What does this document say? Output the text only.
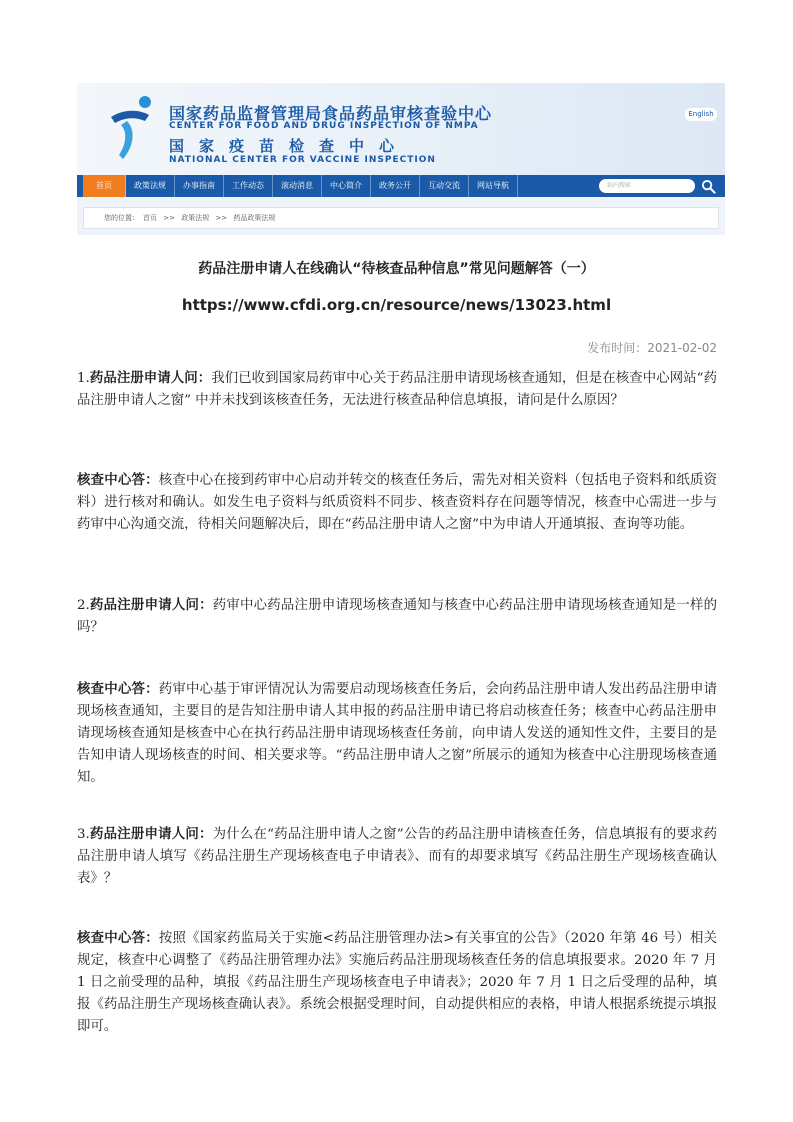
国家药品监督管理局食品药品审核查验中心
CENTER FOR FOOD AND DRUG INSPECTION OF NMPA
国家疫苗检查中心
NATIONAL CENTER FOR VACCINE INSPECTION
English
首页	政策法规	办事指南	工作动态	滚动消息	中心简介	政务公开	互动交流	网站导航	站内搜索
您的位置： 首页 >> 政策法规 >> 药品政策法规
药品注册申请人在线确认“待核查品种信息”常见问题解答（一）
https://www.cfdi.org.cn/resource/news/13023.html
发布时间：2021-02-02
1.药品注册申请人问：我们已收到国家局药审中心关于药品注册申请现场核查通知，但是在核查中心网站“药品注册申请人之窗” 中并未找到该核查任务，无法进行核查品种信息填报，请问是什么原因？
核查中心答：核查中心在接到药审中心启动并转交的核查任务后，需先对相关资料（包括电子资料和纸质资料）进行核对和确认。如发生电子资料与纸质资料不同步、核查资料存在问题等情况，核查中心需进一步与药审中心沟通交流，待相关问题解决后，即在“药品注册申请人之窗”中为申请人开通填报、查询等功能。
2.药品注册申请人问：药审中心药品注册申请现场核查通知与核查中心药品注册申请现场核查通知是一样的吗？
核查中心答：药审中心基于审评情况认为需要启动现场核查任务后，会向药品注册申请人发出药品注册申请现场核查通知，主要目的是告知注册申请人其申报的药品注册申请已将启动核查任务；核查中心药品注册申请现场核查通知是核查中心在执行药品注册申请现场核查任务前，向申请人发送的通知性文件，主要目的是告知申请人现场核查的时间、相关要求等。“药品注册申请人之窗”所展示的通知为核查中心注册现场核查通知。
3.药品注册申请人问：为什么在“药品注册申请人之窗”公告的药品注册申请核查任务，信息填报有的要求药品注册申请人填写《药品注册生产现场核查电子申请表》、而有的却要求填写《药品注册生产现场核查确认表》？
核查中心答：按照《国家药监局关于实施<药品注册管理办法>有关事宜的公告》（2020 年第 46 号）相关规定，核查中心调整了《药品注册管理办法》实施后药品注册现场核查任务的信息填报要求。2020 年 7 月 1 日之前受理的品种，填报《药品注册生产现场核查电子申请表》；2020 年 7 月 1 日之后受理的品种，填报《药品注册生产现场核查确认表》。系统会根据受理时间，自动提供相应的表格，申请人根据系统提示填报即可。
